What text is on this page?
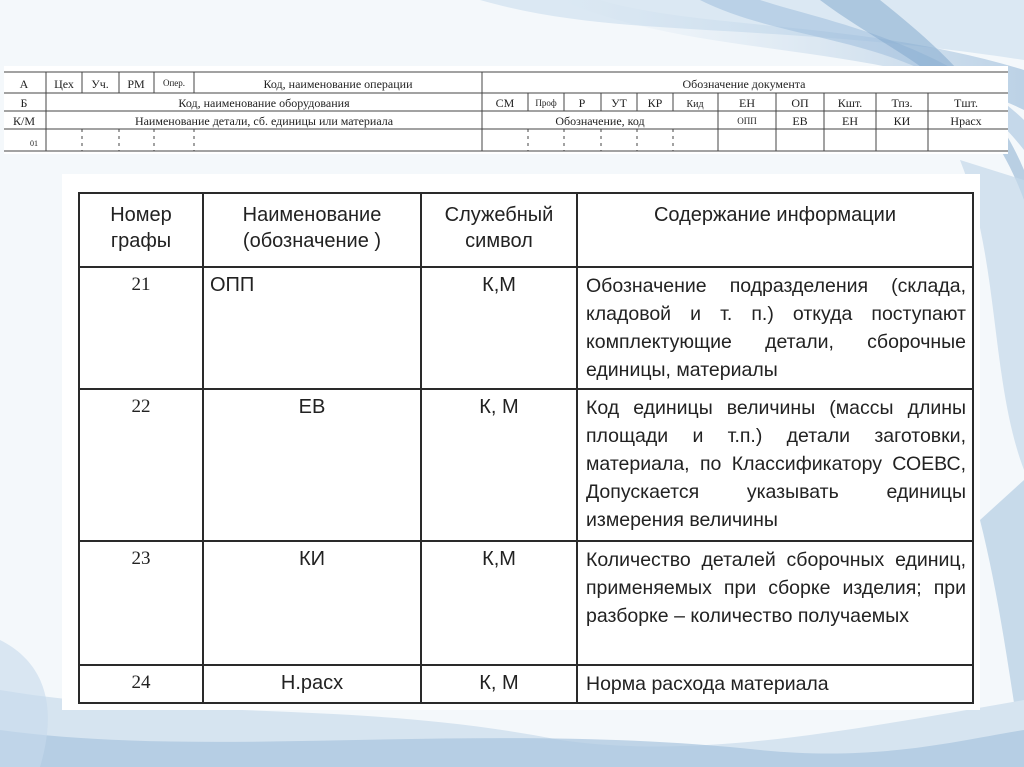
А Цех Уч. РМ Опер.	Код, наименование операции	Обозначение документа
Б	Код, наименование оборудования	СМ Проф Р УТ КР Кид	ЕН	ОП Кшт. Тпз.	Тшт.
К/М	Наименование детали, сб. единицы или материала	Обозначение, код	ОПП	ЕВ	ЕН	КИ	Нрасх
01
Номер графы	Наименование (обозначение )	Служебный символ	Содержание информации
21	ОПП	К,М	Обозначение подразделения (склада, кладовой и т. п.) откуда поступают комплектующие детали, сборочные единицы, материалы
22	ЕВ	К, М	Код единицы величины (массы длины площади и т.п.) детали заготовки, материала, по Классификатору СОЕВС, Допускается указывать единицы измерения величины
23	КИ	К,М	Количество деталей сборочных единиц, применяемых при сборке изделия; при разборке – количество получаемых
24	Н.расх	К, М	Норма расхода материала
